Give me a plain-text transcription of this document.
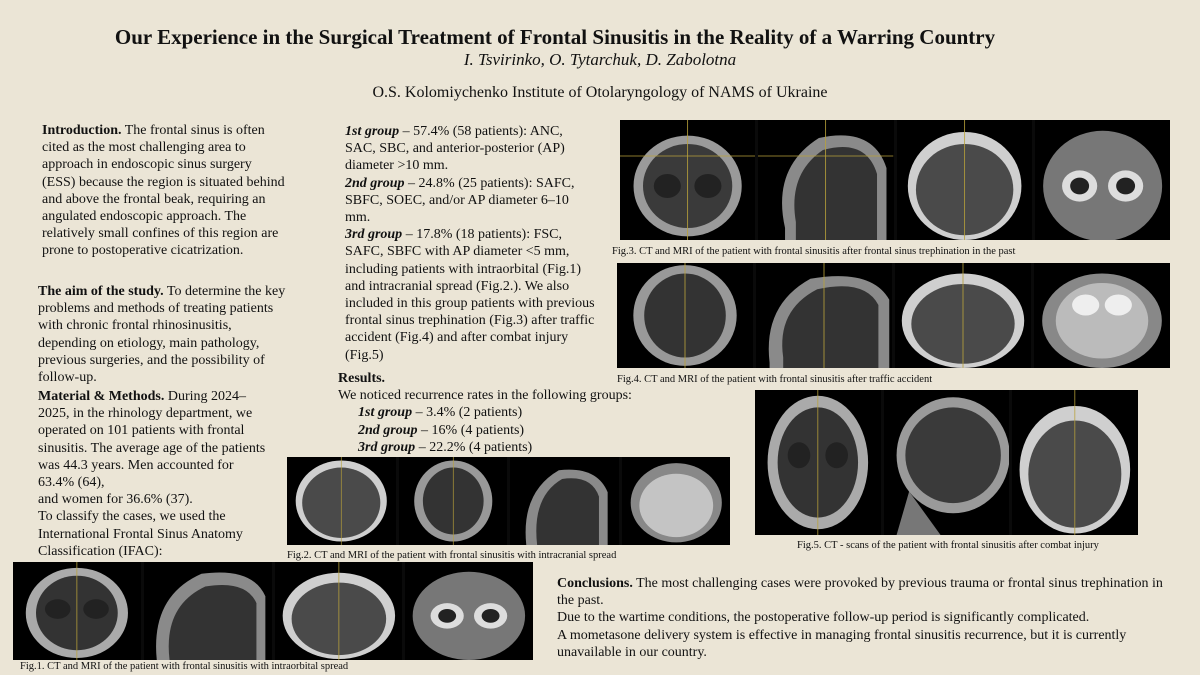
Our Experience in the Surgical Treatment of Frontal Sinusitis in the Reality of a Warring Country
I. Tsvirinko, O. Tytarchuk, D. Zabolotna
O.S. Kolomiychenko Institute of Otolaryngology of NAMS of Ukraine
Introduction. The frontal sinus is often cited as the most challenging area to approach in endoscopic sinus surgery (ESS) because the region is situated behind and above the frontal beak, requiring an angulated endoscopic approach. The relatively small confines of this region are prone to postoperative cicatrization.
The aim of the study. To determine the key problems and methods of treating patients with chronic frontal rhinosinusitis, depending on etiology, main pathology, previous surgeries, and the possibility of follow-up.
Material & Methods. During 2024–2025, in the rhinology department, we operated on 101 patients with frontal sinusitis. The average age of the patients was 44.3 years. Men accounted for 63.4% (64),
and women for 36.6% (37).
To classify the cases, we used the International Frontal Sinus Anatomy Classification (IFAC):
1st group – 57.4% (58 patients): ANC, SAC, SBC, and anterior-posterior (AP) diameter >10 mm.
2nd group – 24.8% (25 patients): SAFC, SBFC, SOEC, and/or AP diameter 6–10 mm.
3rd group – 17.8% (18 patients): FSC, SAFC, SBFC with AP diameter <5 mm, including patients with intraorbital (Fig.1) and intracranial spread (Fig.2.). We also included in this group patients with previous frontal sinus trephination (Fig.3) after traffic accident (Fig.4) and after combat injury (Fig.5)
Results.
We noticed recurrence rates in the following groups:
1st group – 3.4% (2 patients)
2nd group – 16% (4 patients)
3rd group – 22.2% (4 patients)
Conclusions. The most challenging cases were provoked by previous trauma or frontal sinus trephination in the past.
Due to the wartime conditions, the postoperative follow-up period is significantly complicated.
A mometasone delivery system is effective in managing frontal sinusitis recurrence, but it is currently unavailable in our country.
Fig.3. CT and MRI of the patient with frontal sinusitis after frontal sinus trephination in the past
Fig.4. CT and MRI of the patient with frontal sinusitis after traffic accident
Fig.5. CT - scans of the patient with frontal sinusitis after combat injury
Fig.2. CT and MRI of the patient with frontal sinusitis with intracranial spread
Fig.1. CT and MRI of the patient with frontal sinusitis with intraorbital spread
